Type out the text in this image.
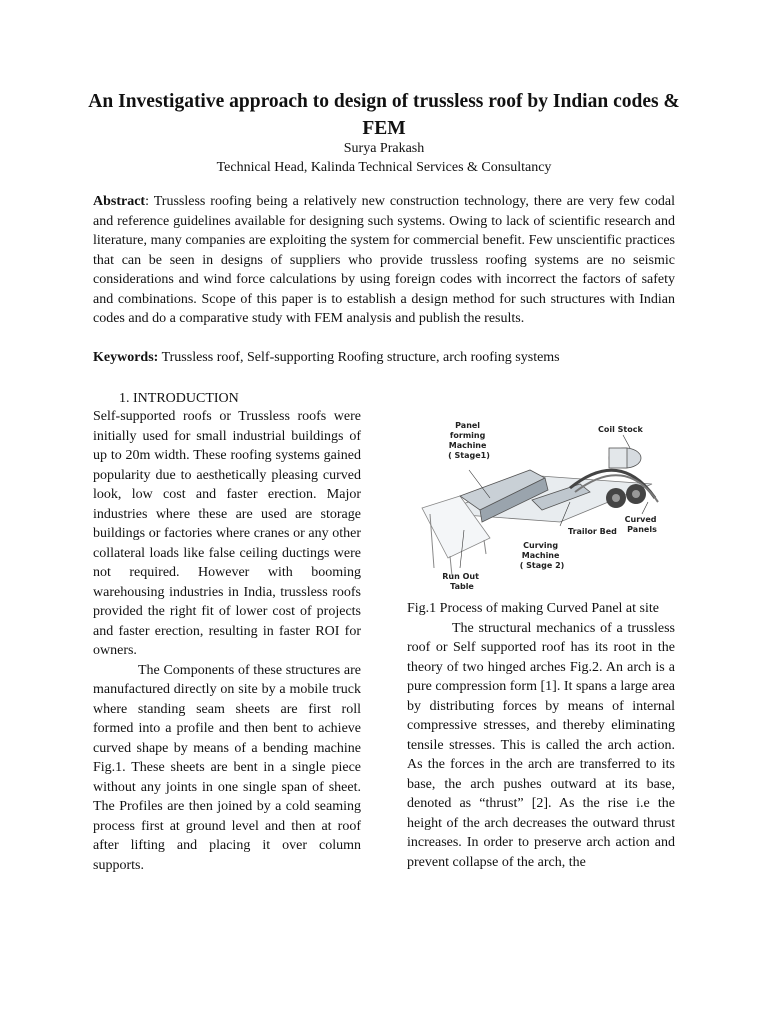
An Investigative approach to design of trussless roof by Indian codes & FEM

Surya Prakash

Technical Head, Kalinda Technical Services & Consultancy

Abstract: Trussless roofing being a relatively new construction technology, there are very few codal and reference guidelines available for designing such systems. Owing to lack of scientific research and literature, many companies are exploiting the system for commercial benefit. Few unscientific practices that can be seen in designs of suppliers who provide trussless roofing systems are no seismic considerations and wind force calculations by using foreign codes with incorrect the factors of safety and combinations. Scope of this paper is to establish a design method for such structures with Indian codes and do a comparative study with FEM analysis and publish the results.

Keywords: Trussless roof, Self-supporting Roofing structure, arch roofing systems

1. INTRODUCTION

Self-supported roofs or Trussless roofs were initially used for small industrial buildings of up to 20m width. These roofing systems gained popularity due to aesthetically pleasing curved look, low cost and faster erection. Major industries where these are used are storage buildings or factories where cranes or any other collateral loads like false ceiling ductings were not required. However with booming warehousing industries in India, trussless roofs provided the right fit of lower cost of projects and faster erection, resulting in faster ROI for owners.

The Components of these structures are manufactured directly on site by a mobile truck where standing seam sheets are first roll formed into a profile and then bent to achieve curved shape by means of a bending machine Fig.1. These sheets are bent in a single piece without any joints in one single span of sheet. The Profiles are then joined by a cold seaming process first at ground level and then at roof after lifting and placing it over column supports.

Panel forming Machine ( Stage1)
Coil Stock
Curved Panels
Trailor Bed
Curving Machine ( Stage 2)
Run Out Table

Fig.1 Process of making Curved Panel at site

The structural mechanics of a trussless roof or Self supported roof has its root in the theory of two hinged arches Fig.2. An arch is a pure compression form [1]. It spans a large area by distributing forces by means of internal compressive stresses, and thereby eliminating tensile stresses. This is called the arch action. As the forces in the arch are transferred to its base, the arch pushes outward at its base, denoted as “thrust” [2]. As the rise i.e the height of the arch decreases the outward thrust increases. In order to preserve arch action and prevent collapse of the arch, the
